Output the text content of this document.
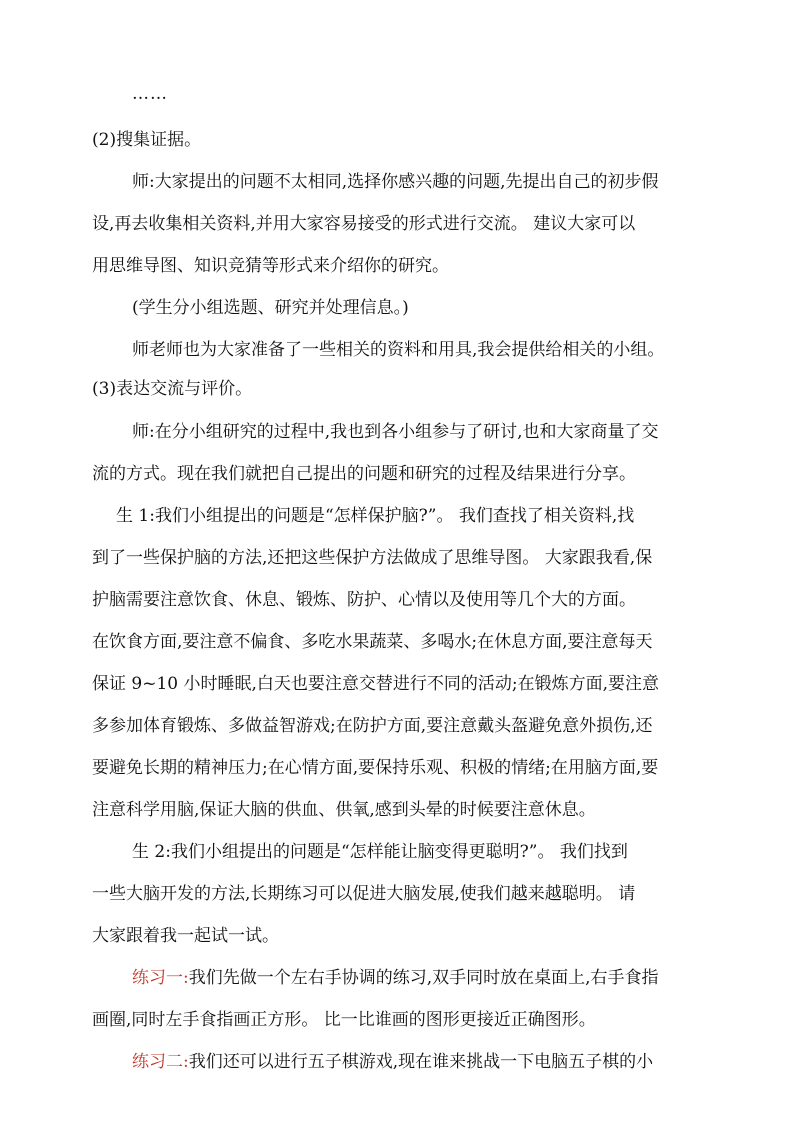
……
(2)搜集证据。
师:大家提出的问题不太相同,选择你感兴趣的问题,先提出自己的初步假
设,再去收集相关资料,并用大家容易接受的形式进行交流。 建议大家可以
用思维导图、知识竞猜等形式来介绍你的研究。
(学生分小组选题、研究并处理信息。)
师老师也为大家准备了一些相关的资料和用具,我会提供给相关的小组。
(3)表达交流与评价。
师:在分小组研究的过程中,我也到各小组参与了研讨,也和大家商量了交
流的方式。现在我们就把自己提出的问题和研究的过程及结果进行分享。
生 1:我们小组提出的问题是“怎样保护脑?”。 我们查找了相关资料,找
到了一些保护脑的方法,还把这些保护方法做成了思维导图。 大家跟我看,保
护脑需要注意饮食、休息、锻炼、防护、心情以及使用等几个大的方面。
在饮食方面,要注意不偏食、多吃水果蔬菜、多喝水;在休息方面,要注意每天
保证 9~10 小时睡眠,白天也要注意交替进行不同的活动;在锻炼方面,要注意
多参加体育锻炼、多做益智游戏;在防护方面,要注意戴头盔避免意外损伤,还
要避免长期的精神压力;在心情方面,要保持乐观、积极的情绪;在用脑方面,要
注意科学用脑,保证大脑的供血、供氧,感到头晕的时候要注意休息。
生 2:我们小组提出的问题是“怎样能让脑变得更聪明?”。 我们找到
一些大脑开发的方法,长期练习可以促进大脑发展,使我们越来越聪明。 请
大家跟着我一起试一试。
练习一:我们先做一个左右手协调的练习,双手同时放在桌面上,右手食指
画圈,同时左手食指画正方形。 比一比谁画的图形更接近正确图形。
练习二:我们还可以进行五子棋游戏,现在谁来挑战一下电脑五子棋的小
